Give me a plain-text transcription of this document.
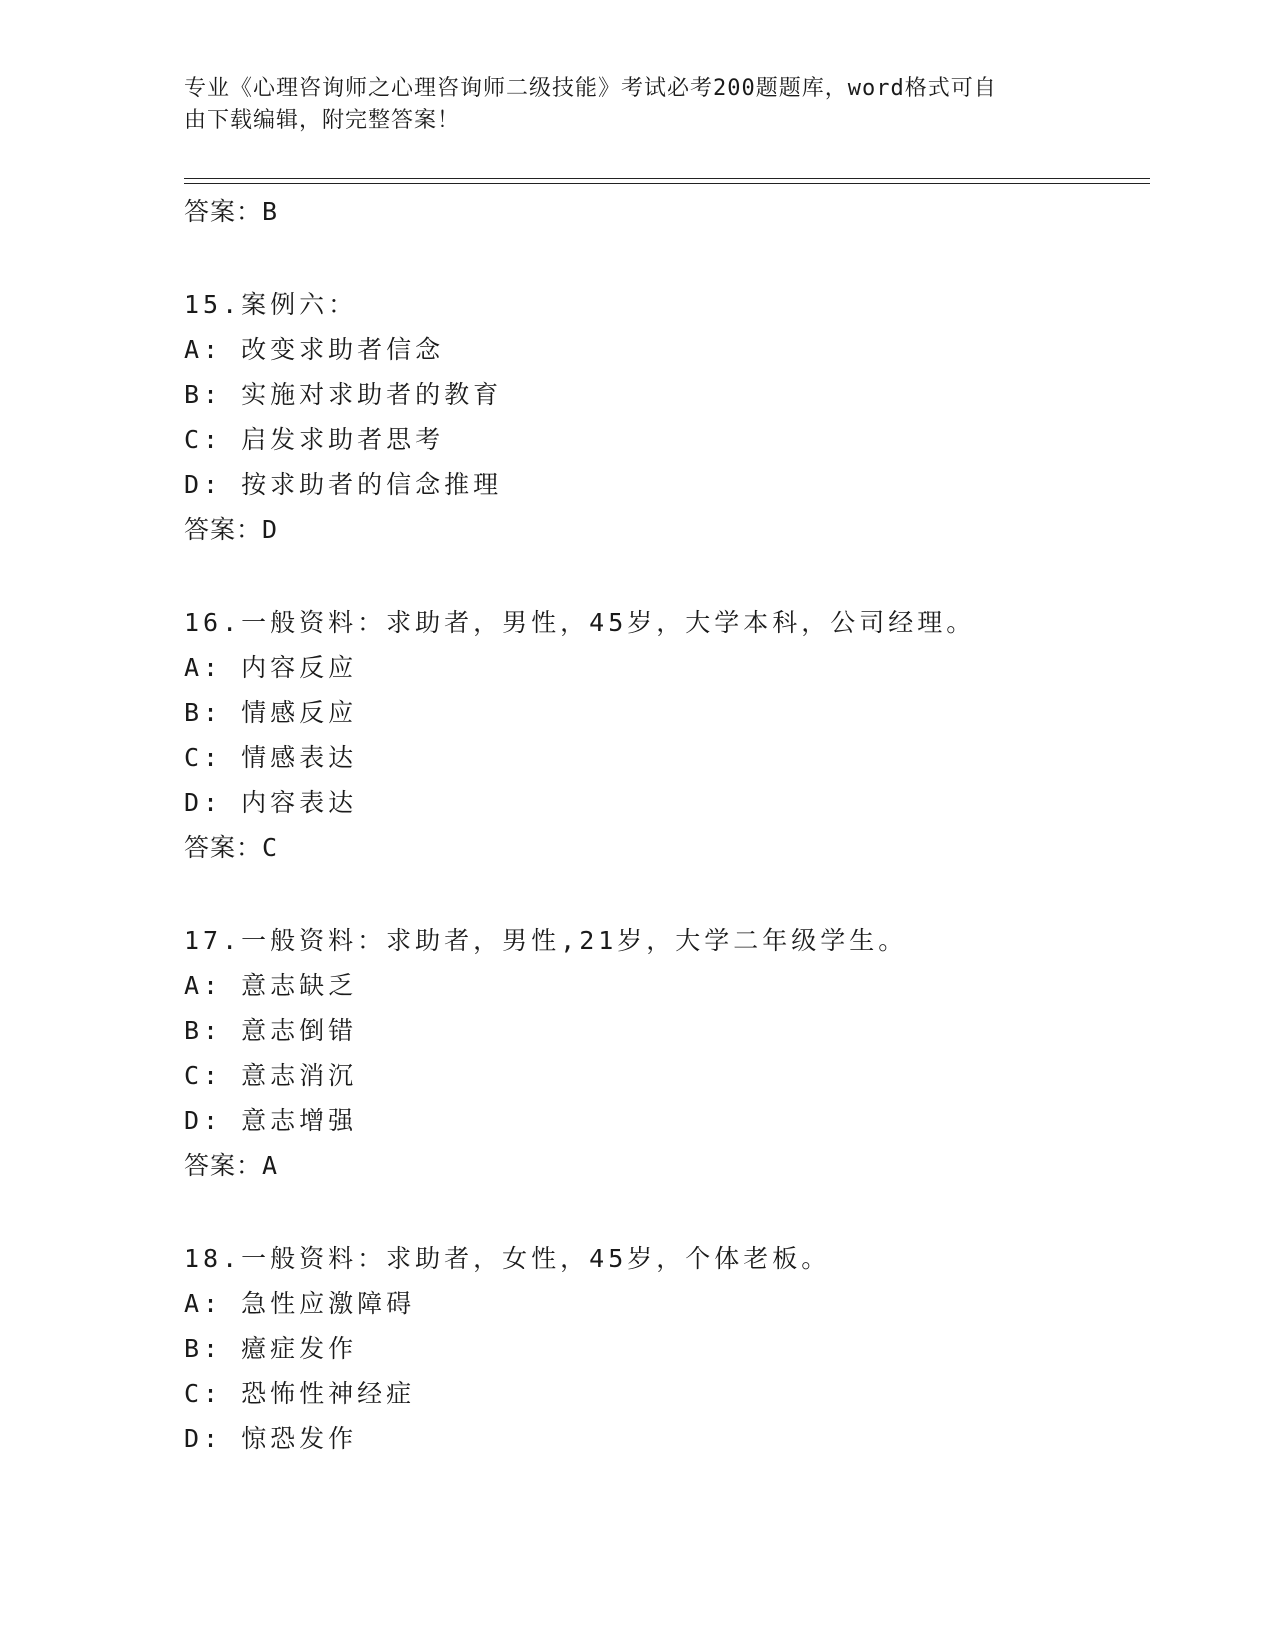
专业《心理咨询师之心理咨询师二级技能》考试必考200题题库，word格式可自
由下载编辑，附完整答案！
答案：B
15.案例六：
A: 改变求助者信念
B: 实施对求助者的教育
C: 启发求助者思考
D: 按求助者的信念推理
答案：D
16.一般资料：求助者，男性，45岁，大学本科，公司经理。
A: 内容反应
B: 情感反应
C: 情感表达
D: 内容表达
答案：C
17.一般资料：求助者，男性,21岁，大学二年级学生。
A: 意志缺乏
B: 意志倒错
C: 意志消沉
D: 意志增强
答案：A
18.一般资料：求助者，女性，45岁，个体老板。
A: 急性应激障碍
B: 癔症发作
C: 恐怖性神经症
D: 惊恐发作
